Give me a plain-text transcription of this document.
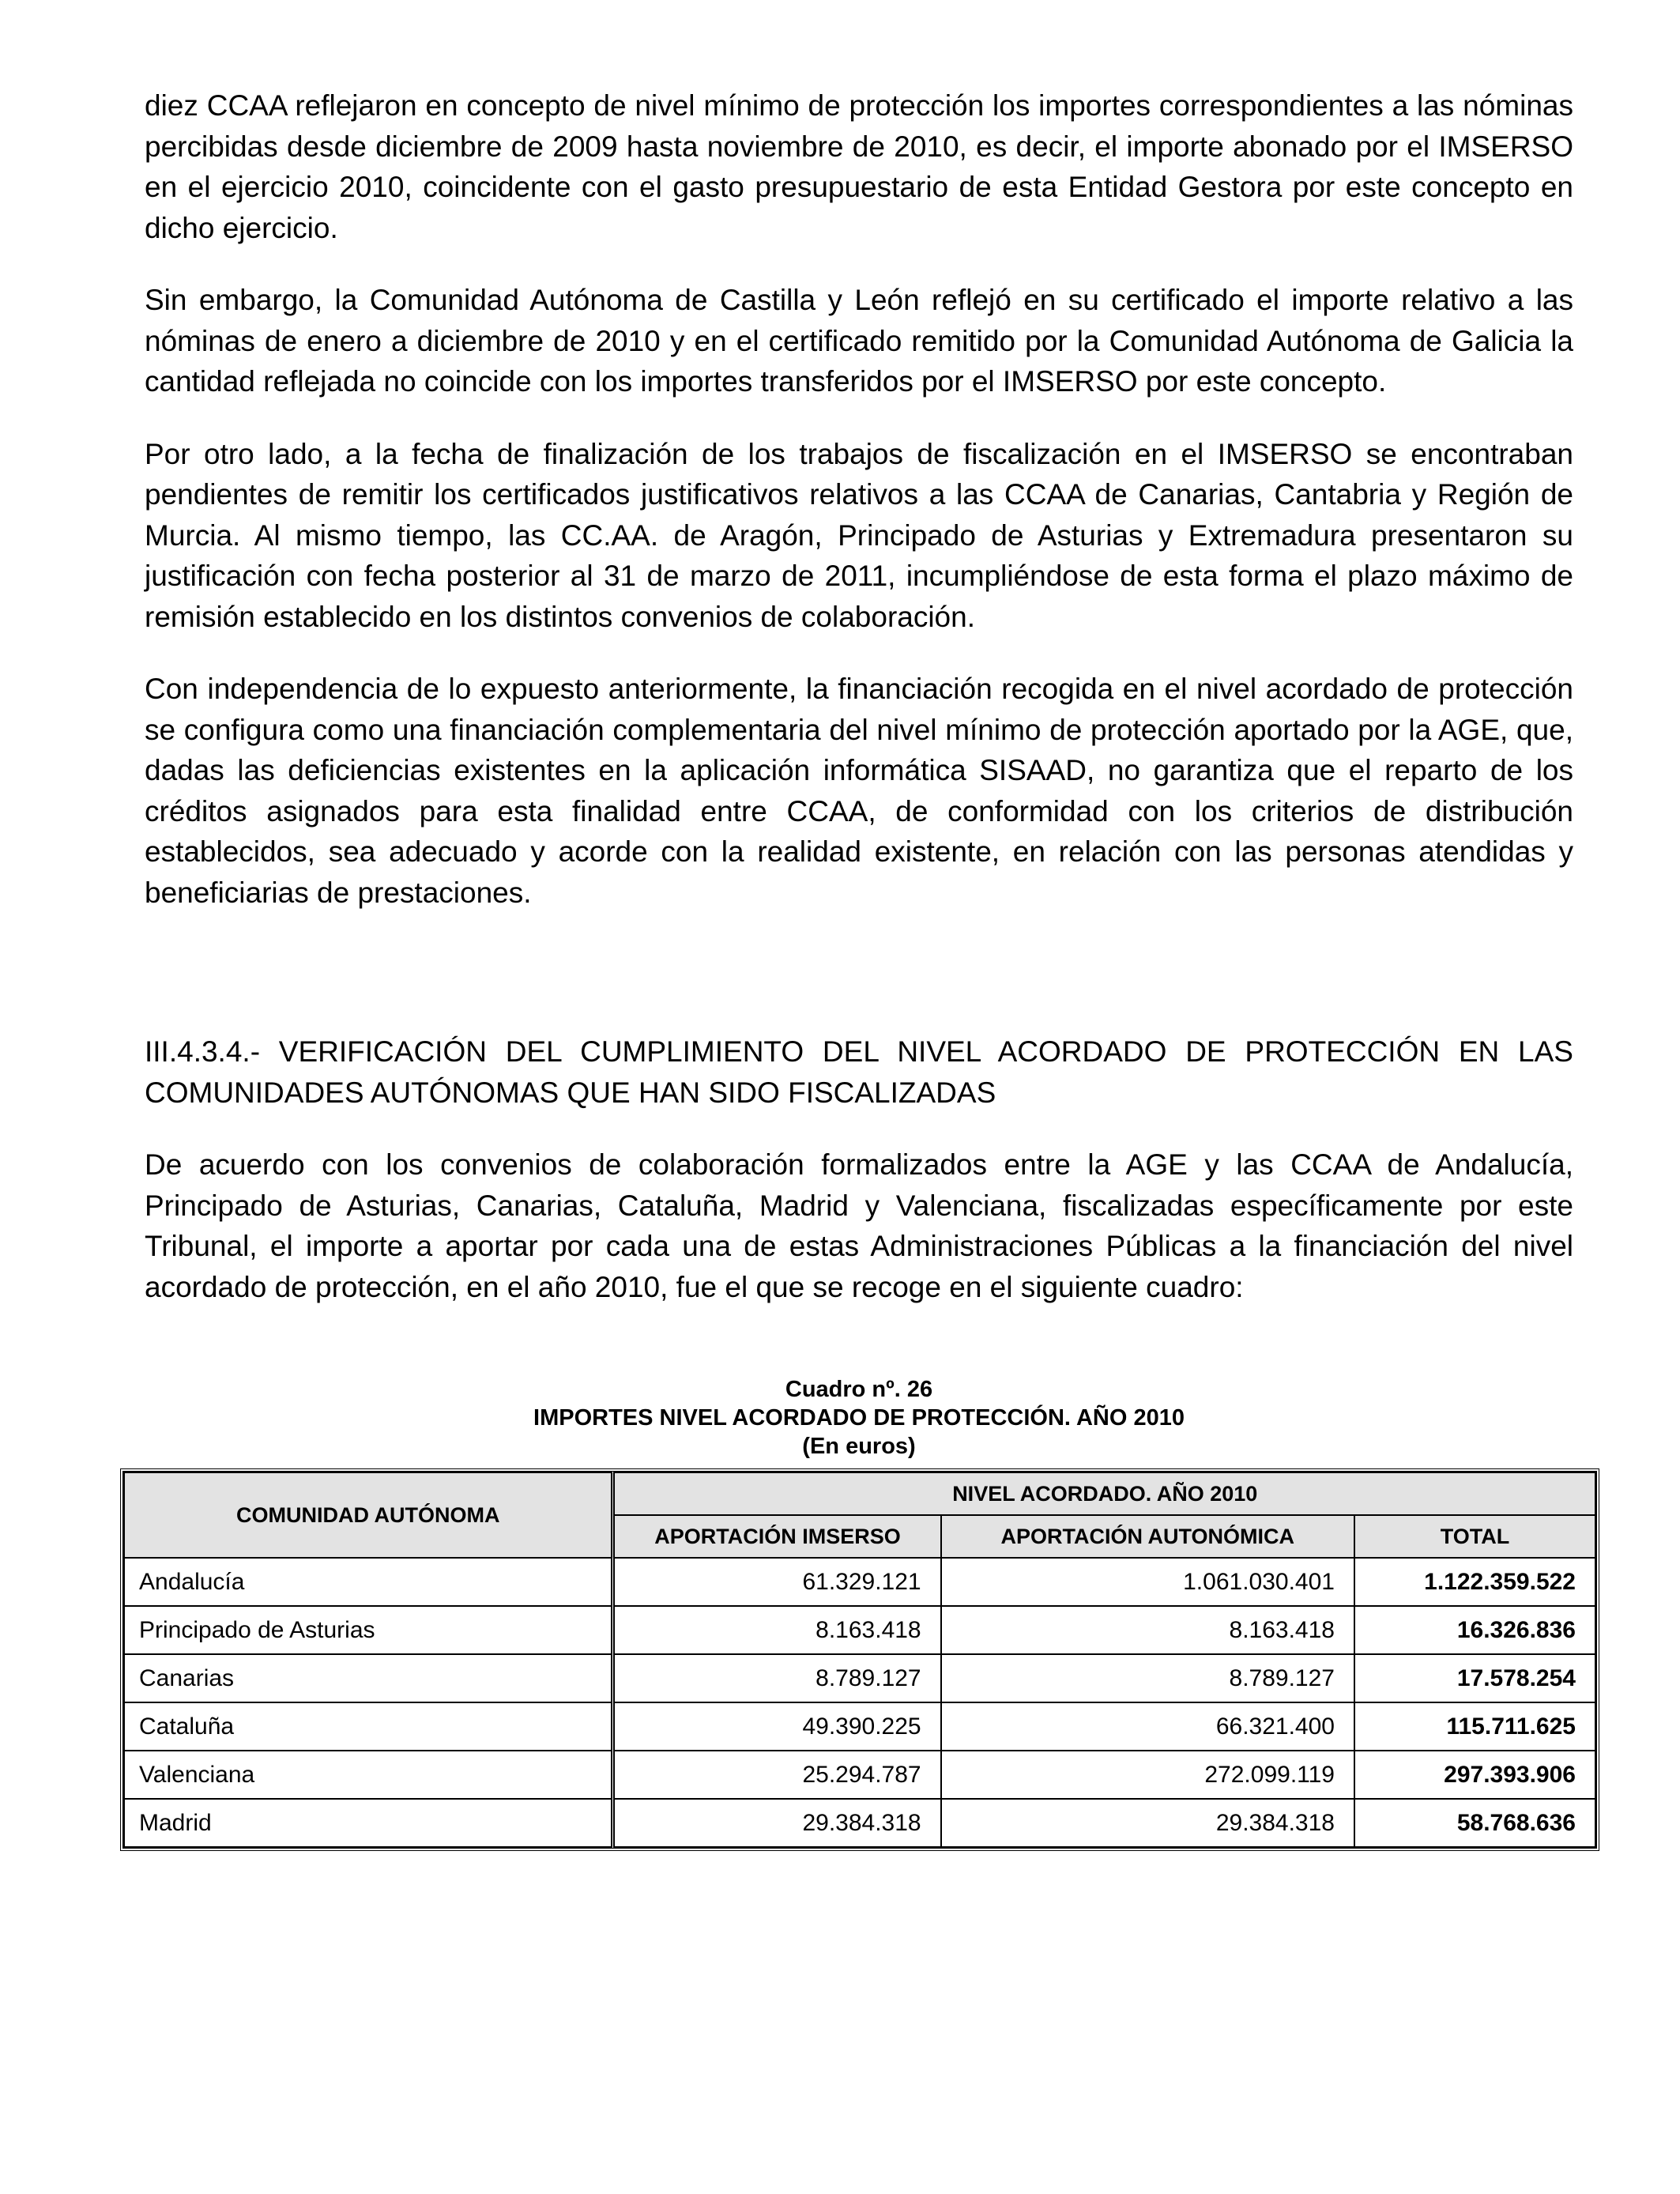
diez CCAA reflejaron en concepto de nivel mínimo de protección los importes correspondientes a las nóminas percibidas desde diciembre de 2009 hasta noviembre de 2010, es decir, el importe abonado por el IMSERSO en el ejercicio 2010, coincidente con el gasto presupuestario de esta Entidad Gestora por este concepto en dicho ejercicio.

Sin embargo, la Comunidad Autónoma de Castilla y León reflejó en su certificado el importe relativo a las nóminas de enero a diciembre de 2010 y en el certificado remitido por la Comunidad Autónoma de Galicia la cantidad reflejada no coincide con los importes transferidos por el IMSERSO por este concepto.

Por otro lado, a la fecha de finalización de los trabajos de fiscalización en el IMSERSO se encontraban pendientes de remitir los certificados justificativos relativos a las CCAA de Canarias, Cantabria y Región de Murcia. Al mismo tiempo, las CC.AA. de Aragón, Principado de Asturias y Extremadura presentaron su justificación con fecha posterior al 31 de marzo de 2011, incumpliéndose de esta forma el plazo máximo de remisión establecido en los distintos convenios de colaboración.

Con independencia de lo expuesto anteriormente, la financiación recogida en el nivel acordado de protección se configura como una financiación complementaria del nivel mínimo de protección aportado por la AGE, que, dadas las deficiencias existentes en la aplicación informática SISAAD, no garantiza que el reparto de los créditos asignados para esta finalidad entre CCAA, de conformidad con los criterios de distribución establecidos, sea adecuado y acorde con la realidad existente, en relación con las personas atendidas y beneficiarias de prestaciones.

III.4.3.4.- VERIFICACIÓN DEL CUMPLIMIENTO DEL NIVEL ACORDADO DE PROTECCIÓN EN LAS COMUNIDADES AUTÓNOMAS QUE HAN SIDO FISCALIZADAS

De acuerdo con los convenios de colaboración formalizados entre la AGE y las CCAA de Andalucía, Principado de Asturias, Canarias, Cataluña, Madrid y Valenciana, fiscalizadas específicamente por este Tribunal, el importe a aportar por cada una de estas Administraciones Públicas a la financiación del nivel acordado de protección, en el año 2010, fue el que se recoge en el siguiente cuadro:

Cuadro nº. 26
IMPORTES NIVEL ACORDADO DE PROTECCIÓN. AÑO 2010
(En euros)
COMUNIDAD AUTÓNOMA	NIVEL ACORDADO. AÑO 2010		
	APORTACIÓN IMSERSO	APORTACIÓN AUTONÓMICA	TOTAL
Andalucía	61.329.121	1.061.030.401	1.122.359.522
Principado de Asturias	8.163.418	8.163.418	16.326.836
Canarias	8.789.127	8.789.127	17.578.254
Cataluña	49.390.225	66.321.400	115.711.625
Valenciana	25.294.787	272.099.119	297.393.906
Madrid	29.384.318	29.384.318	58.768.636
